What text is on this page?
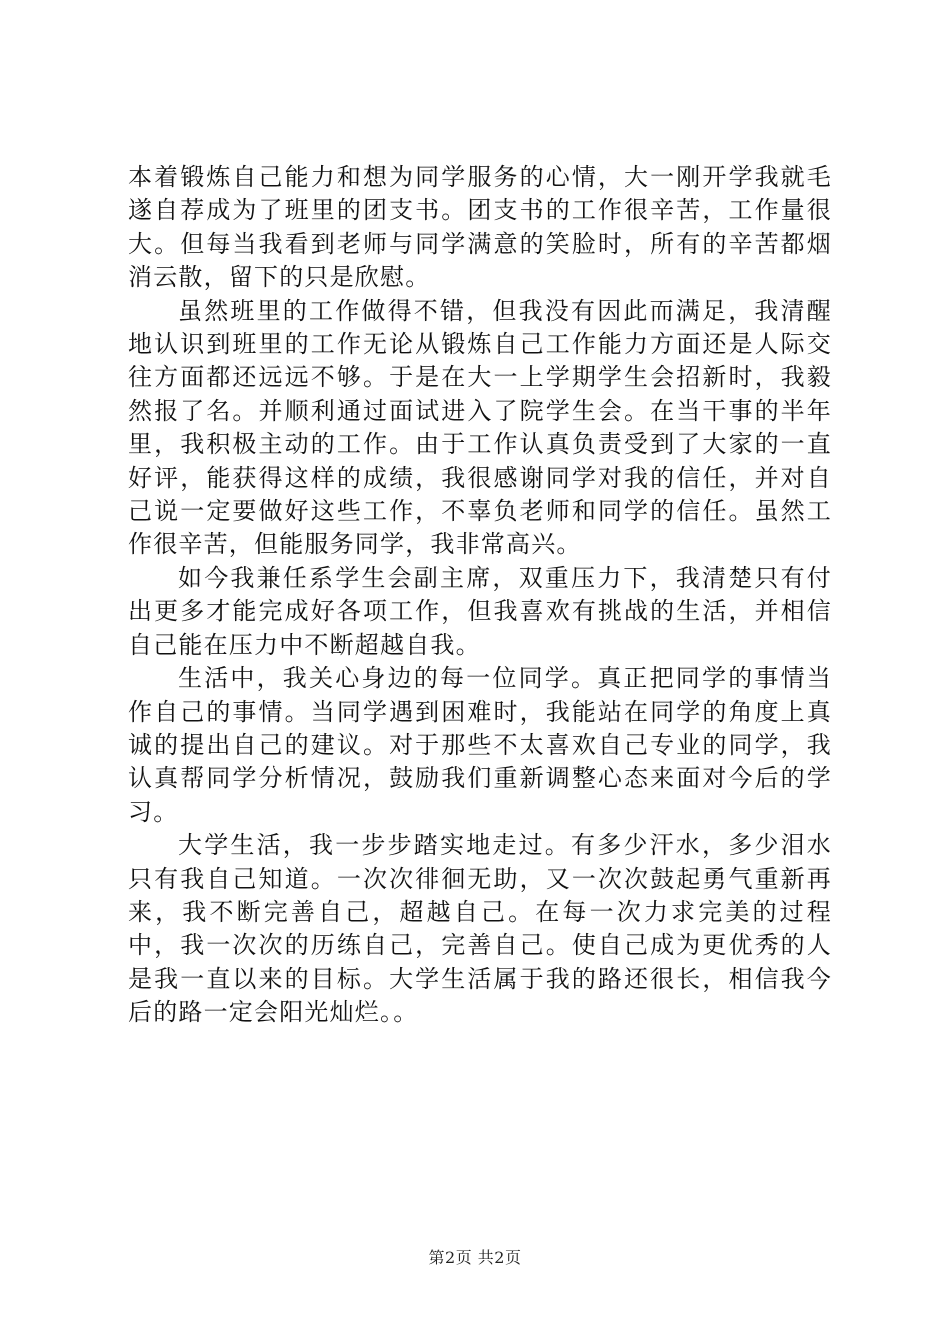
本着锻炼自己能力和想为同学服务的心情，大一刚开学我就毛遂自荐成为了班里的团支书。团支书的工作很辛苦，工作量很大。但每当我看到老师与同学满意的笑脸时，所有的辛苦都烟消云散，留下的只是欣慰。

虽然班里的工作做得不错，但我没有因此而满足，我清醒地认识到班里的工作无论从锻炼自己工作能力方面还是人际交往方面都还远远不够。于是在大一上学期学生会招新时，我毅然报了名。并顺利通过面试进入了院学生会。在当干事的半年里，我积极主动的工作。由于工作认真负责受到了大家的一直好评，能获得这样的成绩，我很感谢同学对我的信任，并对自己说一定要做好这些工作，不辜负老师和同学的信任。虽然工作很辛苦，但能服务同学，我非常高兴。

如今我兼任系学生会副主席，双重压力下，我清楚只有付出更多才能完成好各项工作，但我喜欢有挑战的生活，并相信自己能在压力中不断超越自我。

生活中，我关心身边的每一位同学。真正把同学的事情当作自己的事情。当同学遇到困难时，我能站在同学的角度上真诚的提出自己的建议。对于那些不太喜欢自己专业的同学，我认真帮同学分析情况，鼓励我们重新调整心态来面对今后的学习。

大学生活，我一步步踏实地走过。有多少汗水，多少泪水只有我自己知道。一次次徘徊无助，又一次次鼓起勇气重新再来，我不断完善自己，超越自己。在每一次力求完美的过程中，我一次次的历练自己，完善自己。使自己成为更优秀的人是我一直以来的目标。大学生活属于我的路还很长，相信我今后的路一定会阳光灿烂。。

第2页 共2页
